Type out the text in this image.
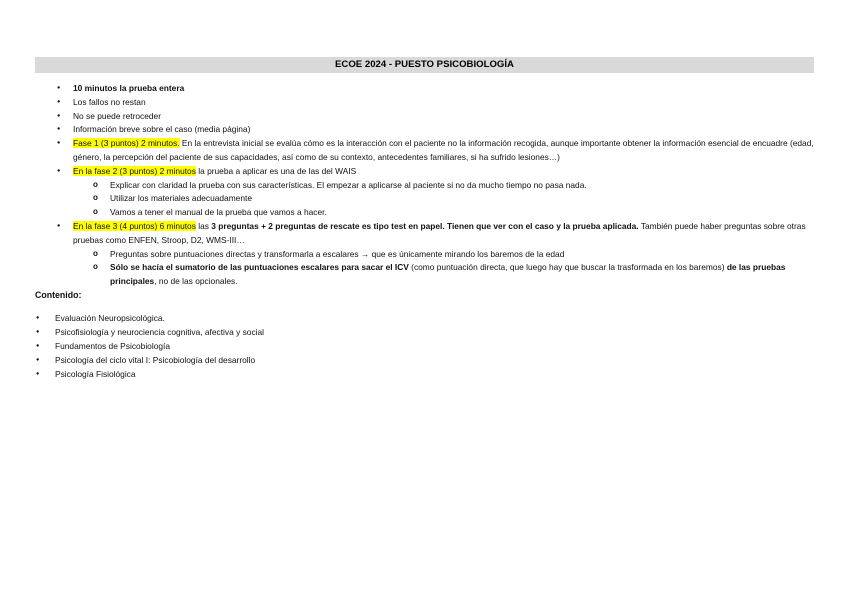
ECOE 2024 - PUESTO PSICOBIOLOGÍA
● 10 minutos la prueba entera
● Los fallos no restan
● No se puede retroceder
● Información breve sobre el caso (media página)
● Fase 1 (3 puntos) 2 minutos. En la entrevista inicial se evalúa cómo es la interacción con el paciente no la información recogida, aunque importante obtener la información esencial de encuadre (edad, género, la percepción del paciente de sus capacidades, así como de su contexto, antecedentes familiares, si ha sufrido lesiones…)
● En la fase 2 (3 puntos) 2 minutos la prueba a aplicar es una de las del WAIS
o Explicar con claridad la prueba con sus características. El empezar a aplicarse al paciente si no da mucho tiempo no pasa nada.
o Utilizar los materiales adecuadamente
o Vamos a tener el manual de la prueba que vamos a hacer.
● En la fase 3 (4 puntos) 6 minutos las 3 preguntas + 2 preguntas de rescate es tipo test en papel. Tienen que ver con el caso y la prueba aplicada. También puede haber preguntas sobre otras pruebas como ENFEN, Stroop, D2, WMS-III…
o Preguntas sobre puntuaciones directas y transformarla a escalares → que es únicamente mirando los baremos de la edad
o Sólo se hacía el sumatorio de las puntuaciones escalares para sacar el ICV (como puntuación directa, que luego hay que buscar la trasformada en los baremos) de las pruebas principales, no de las opcionales.
Contenido:
● Evaluación Neuropsicológica.
● Psicofisiología y neurociencia cognitiva, afectiva y social
● Fundamentos de Psicobiología
● Psicología del ciclo vital I: Psicobiología del desarrollo
● Psicología Fisiológica
